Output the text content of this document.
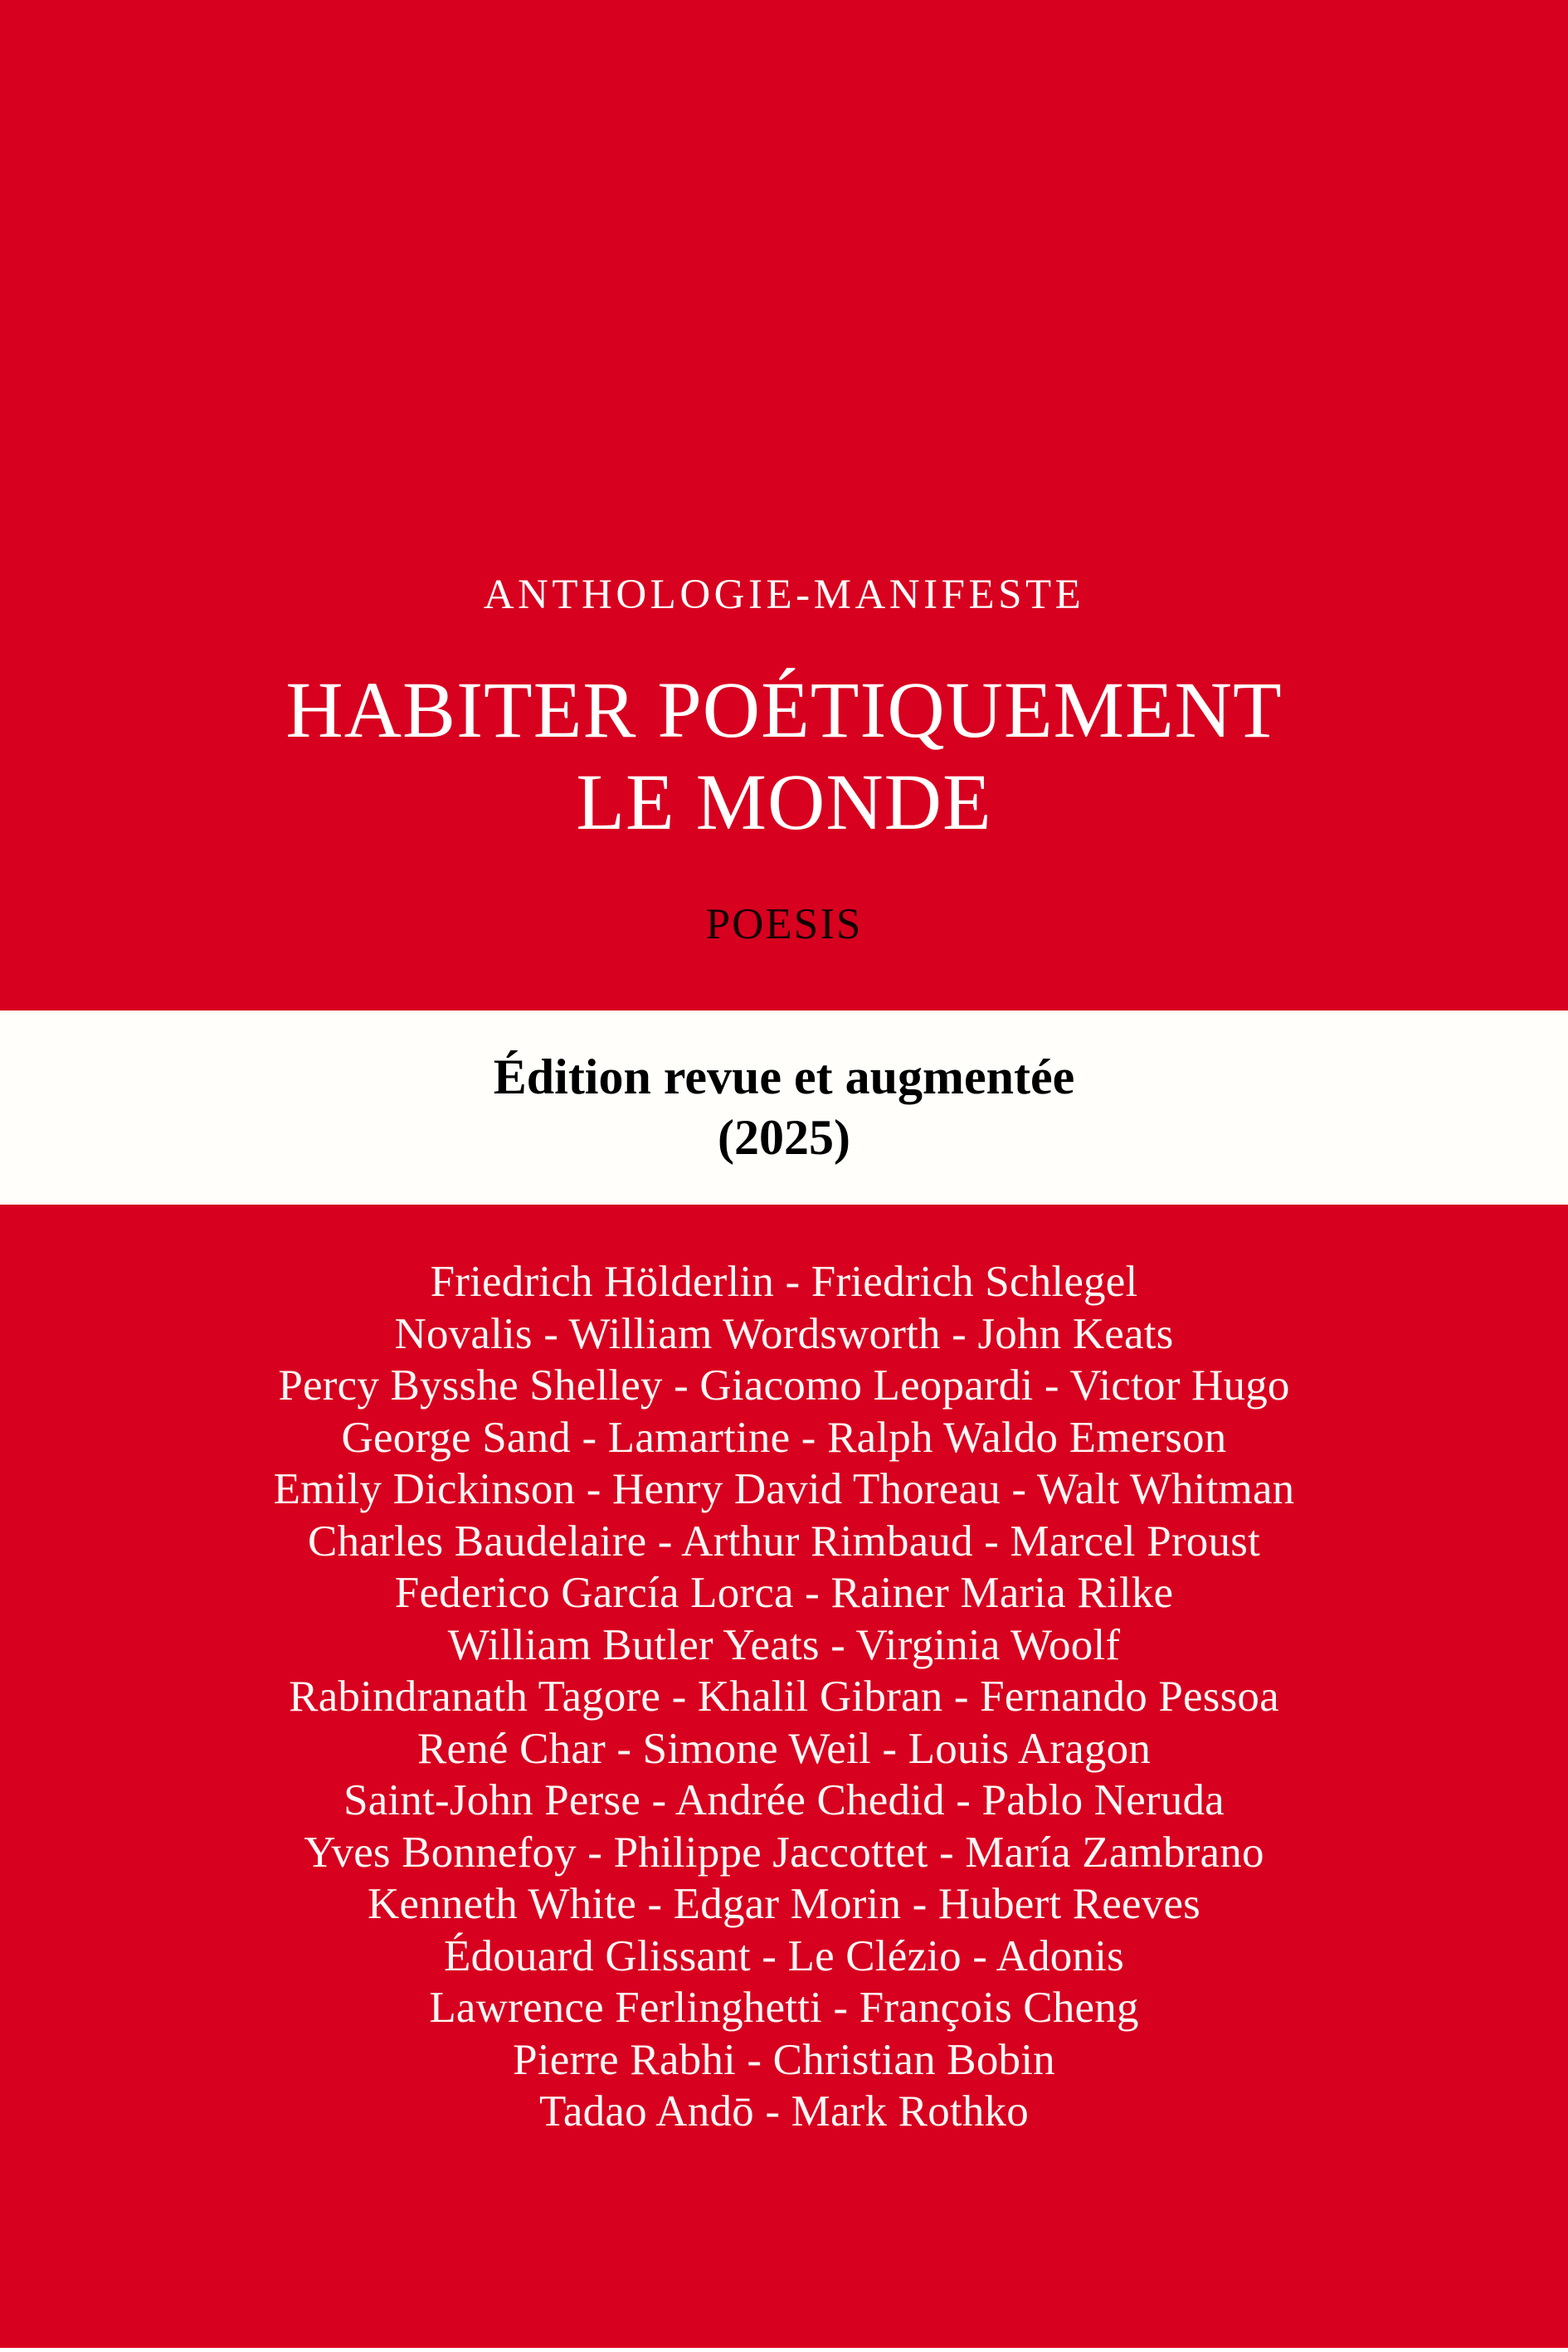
ANTHOLOGIE-MANIFESTE
HABITER POÉTIQUEMENT
LE MONDE
POESIS
Édition revue et augmentée
(2025)
Friedrich Hölderlin - Friedrich Schlegel
Novalis - William Wordsworth - John Keats
Percy Bysshe Shelley - Giacomo Leopardi - Victor Hugo
George Sand - Lamartine - Ralph Waldo Emerson
Emily Dickinson - Henry David Thoreau - Walt Whitman
Charles Baudelaire - Arthur Rimbaud - Marcel Proust
Federico García Lorca - Rainer Maria Rilke
William Butler Yeats - Virginia Woolf
Rabindranath Tagore - Khalil Gibran - Fernando Pessoa
René Char - Simone Weil - Louis Aragon
Saint-John Perse - Andrée Chedid - Pablo Neruda
Yves Bonnefoy - Philippe Jaccottet - María Zambrano
Kenneth White - Edgar Morin - Hubert Reeves
Édouard Glissant - Le Clézio - Adonis
Lawrence Ferlinghetti - François Cheng
Pierre Rabhi - Christian Bobin
Tadao Andō - Mark Rothko
